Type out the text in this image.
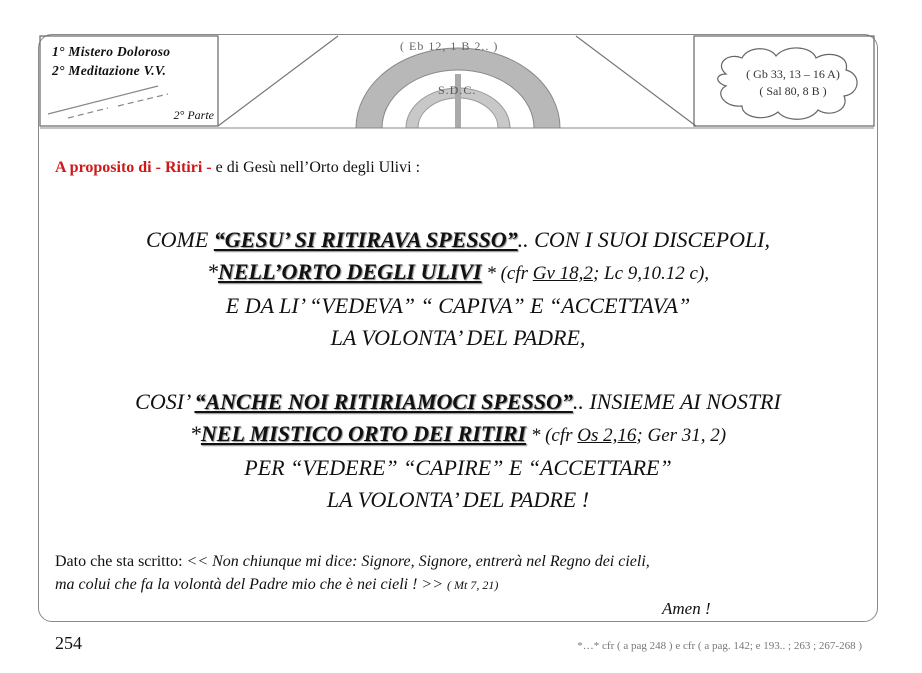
1° Mistero Doloroso
2° Meditazione V.V.
2° Parte
( Eb 12, 1 B 2.. )
S.D.C.
( Gb 33, 13 – 16 A)
( Sal 80, 8 B )
A proposito di - Ritiri - e di Gesù nell’Orto degli Ulivi :
COME “GESU’ SI RITIRAVA SPESSO”.. CON I SUOI DISCEPOLI,
*NELL’ORTO DEGLI ULIVI * (cfr Gv 18,2; Lc 9,10.12 c),
E DA LI’ “VEDEVA” “ CAPIVA” E “ACCETTAVA”
LA VOLONTA’ DEL PADRE,
COSI’ “ANCHE NOI RITIRIAMOCI SPESSO”.. INSIEME AI NOSTRI
*NEL MISTICO ORTO DEI RITIRI * (cfr Os 2,16; Ger 31, 2)
PER “VEDERE” “CAPIRE” E “ACCETTARE”
LA VOLONTA’ DEL PADRE !
Dato che sta scritto: << Non chiunque mi dice: Signore, Signore, entrerà nel Regno dei cieli,
ma colui che fa la volontà del Padre mio che è nei cieli ! >> ( Mt 7, 21)
Amen !
254	*…* cfr ( a pag 248 ) e cfr ( a pag. 142; e 193.. ; 263 ; 267-268 )
